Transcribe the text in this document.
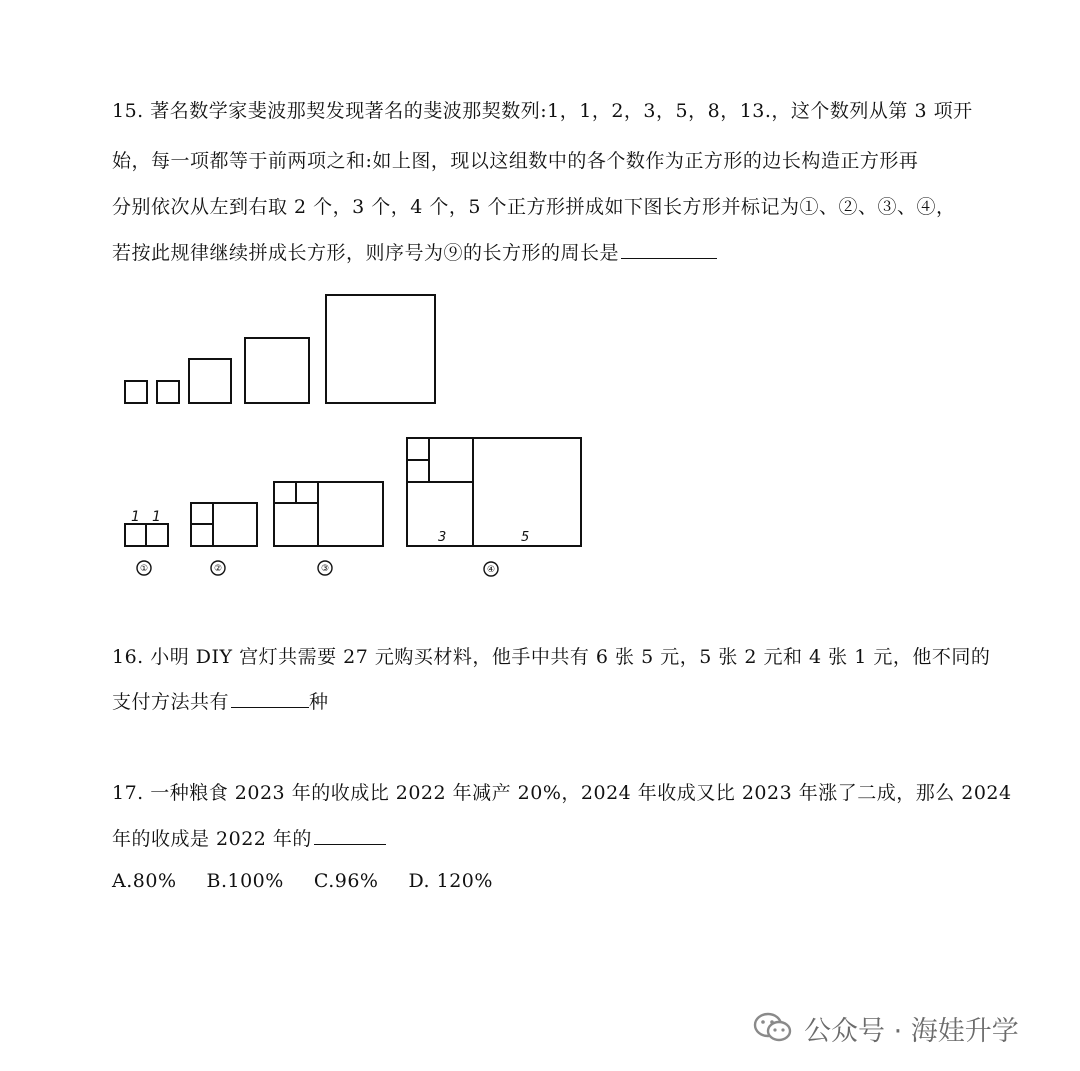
15. 著名数学家斐波那契发现著名的斐波那契数列:1，1，2，3，5，8，13.，这个数列从第 3 项开
始，每一项都等于前两项之和:如上图，现以这组数中的各个数作为正方形的边长构造正方形再
分别依次从左到右取 2 个，3 个，4 个，5 个正方形拼成如下图长方形并标记为①、②、③、④，
若按此规律继续拼成长方形，则序号为⑨的长方形的周长是
1 1
3	5
①	②	③	④
16. 小明 DIY 宫灯共需要 27 元购买材料，他手中共有 6 张 5 元，5 张 2 元和 4 张 1 元，他不同的
支付方法共有	种
17. 一种粮食 2023 年的收成比 2022 年减产 20%，2024 年收成又比 2023 年涨了二成，那么 2024
年的收成是 2022 年的
A.80% B.100% C.96% D. 120%
公众号 · 海娃升学
